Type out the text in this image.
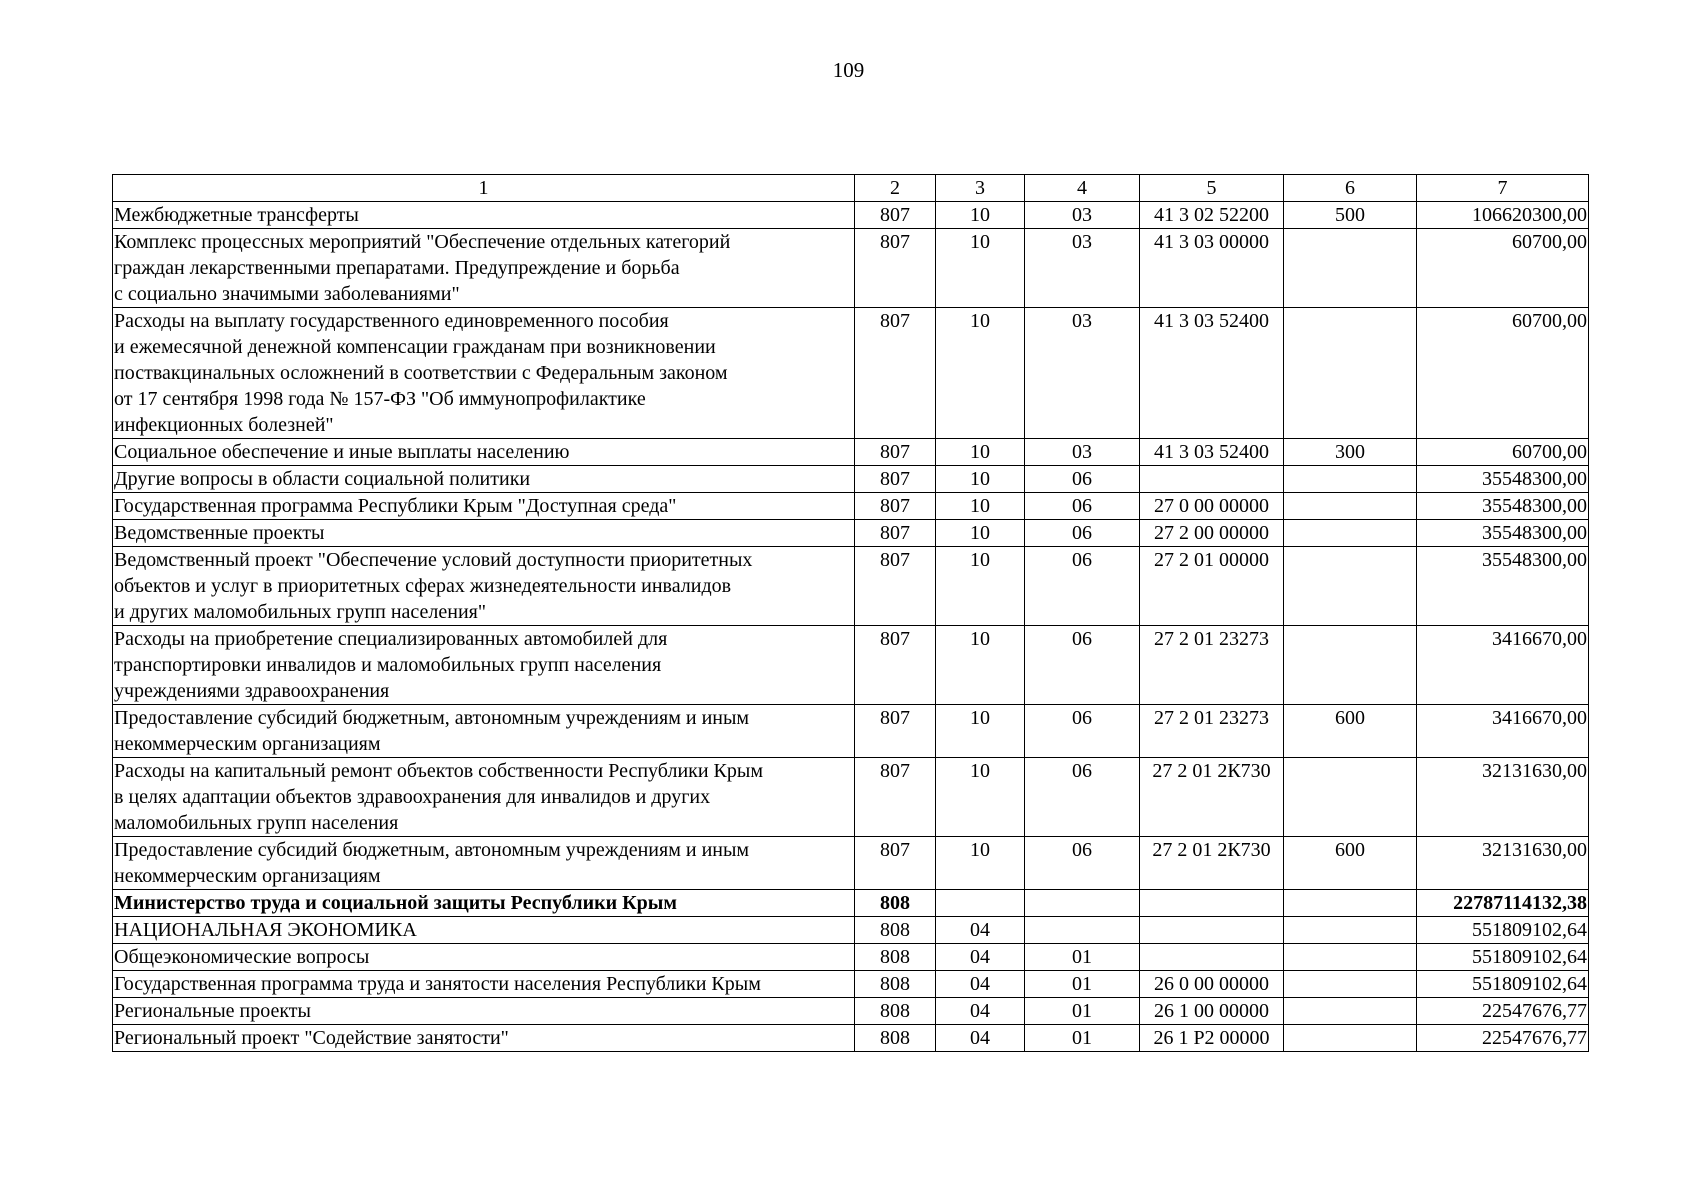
109
1	2	3	4	5	6	7
Межбюджетные трансферты	807	10	03	41 3 02 52200	500	106620300,00
Комплекс процессных мероприятий "Обеспечение отдельных категорий
граждан лекарственными препаратами. Предупреждение и борьба
с социально значимыми заболеваниями"	807	10	03	41 3 03 00000		60700,00
Расходы на выплату государственного единовременного пособия
и ежемесячной денежной компенсации гражданам при возникновении
поствакцинальных осложнений в соответствии с Федеральным законом
от 17 сентября 1998 года № 157-ФЗ "Об иммунопрофилактике
инфекционных болезней"	807	10	03	41 3 03 52400		60700,00
Социальное обеспечение и иные выплаты населению	807	10	03	41 3 03 52400	300	60700,00
Другие вопросы в области социальной политики	807	10	06			35548300,00
Государственная программа Республики Крым "Доступная среда"	807	10	06	27 0 00 00000		35548300,00
Ведомственные проекты	807	10	06	27 2 00 00000		35548300,00
Ведомственный проект "Обеспечение условий доступности приоритетных
объектов и услуг в приоритетных сферах жизнедеятельности инвалидов
и других маломобильных групп населения"	807	10	06	27 2 01 00000		35548300,00
Расходы на приобретение специализированных автомобилей для
транспортировки инвалидов и маломобильных групп населения
учреждениями здравоохранения	807	10	06	27 2 01 23273		3416670,00
Предоставление субсидий бюджетным, автономным учреждениям и иным
некоммерческим организациям	807	10	06	27 2 01 23273	600	3416670,00
Расходы на капитальный ремонт объектов собственности Республики Крым
в целях адаптации объектов здравоохранения для инвалидов и других
маломобильных групп населения	807	10	06	27 2 01 2К730		32131630,00
Предоставление субсидий бюджетным, автономным учреждениям и иным
некоммерческим организациям	807	10	06	27 2 01 2К730	600	32131630,00
Министерство труда и социальной защиты Республики Крым	808					22787114132,38
НАЦИОНАЛЬНАЯ ЭКОНОМИКА	808	04				551809102,64
Общеэкономические вопросы	808	04	01			551809102,64
Государственная программа труда и занятости населения Республики Крым	808	04	01	26 0 00 00000		551809102,64
Региональные проекты	808	04	01	26 1 00 00000		22547676,77
Региональный проект "Содействие занятости"	808	04	01	26 1 Р2 00000		22547676,77
